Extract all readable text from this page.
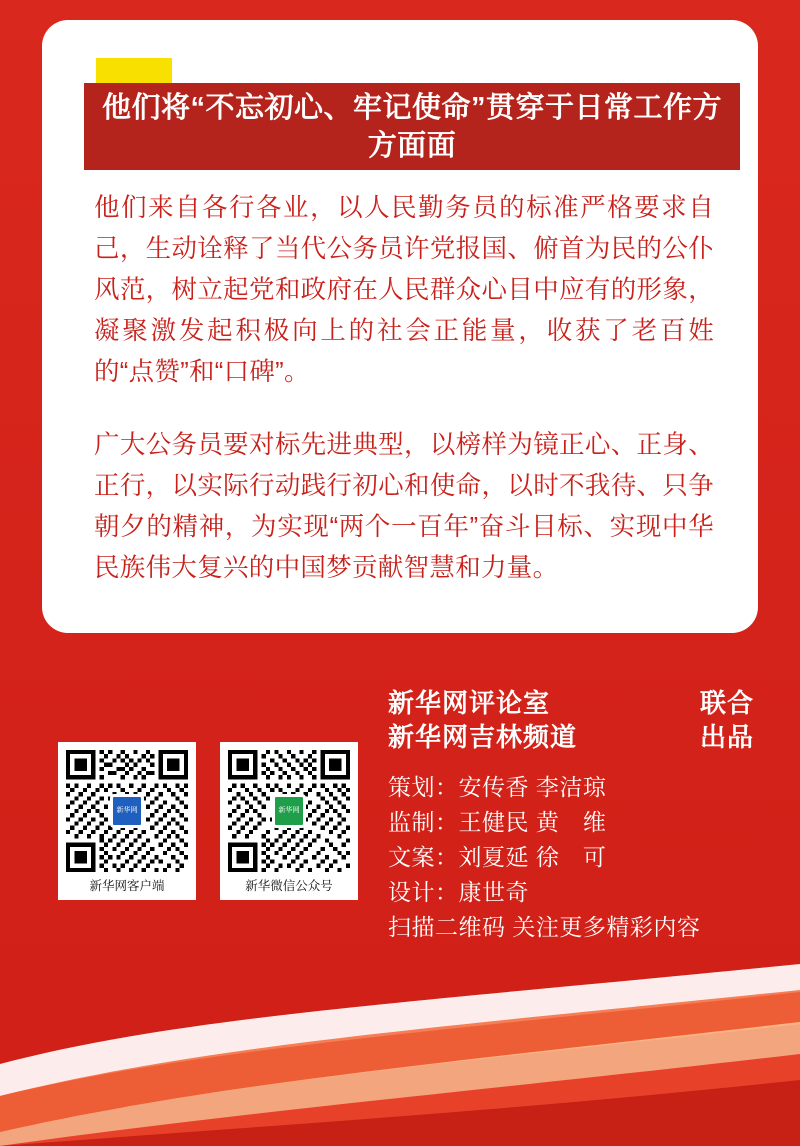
他们将“不忘初心、牢记使命”贯穿于日常工作方方面面

他们来自各行各业，以人民勤务员的标准严格要求自己，生动诠释了当代公务员许党报国、俯首为民的公仆风范，树立起党和政府在人民群众心目中应有的形象，凝聚激发起积极向上的社会正能量，收获了老百姓的“点赞”和“口碑”。

广大公务员要对标先进典型，以榜样为镜正心、正身、正行，以实际行动践行初心和使命，以时不我待、只争朝夕的精神，为实现“两个一百年”奋斗目标、实现中华民族伟大复兴的中国梦贡献智慧和力量。

新华网
新华网客户端
新华网
新华微信公众号
新华网评论室	联合
新华网吉林频道	出品
策划：安传香 李洁琼
监制：王健民 黄　维
文案：刘夏延 徐　可
设计：康世奇
扫描二维码 关注更多精彩内容
